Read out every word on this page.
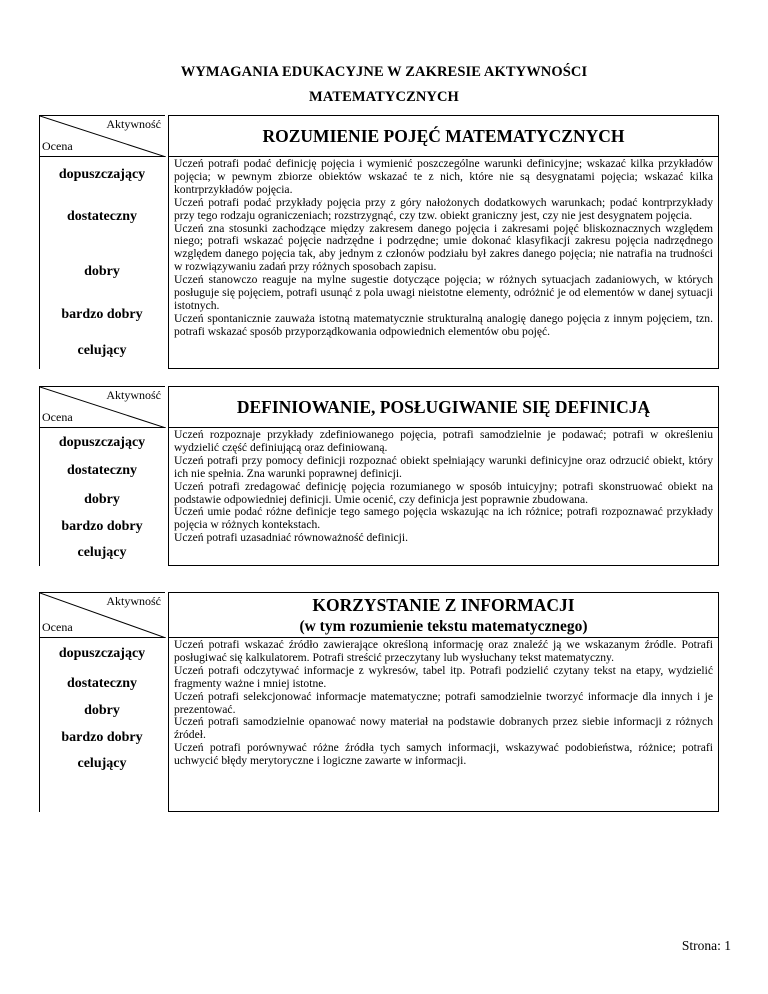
WYMAGANIA EDUKACYJNE W ZAKRESIE AKTYWNOŚCI
MATEMATYCZNYCH
Aktywność
Ocena
ROZUMIENIE POJĘĆ MATEMATYCZNYCH
dopuszczający
dostateczny
dobry
bardzo dobry
celujący

Uczeń potrafi podać definicję pojęcia i wymienić poszczególne warunki definicyjne; wskazać kilka przykładów pojęcia; w pewnym zbiorze obiektów wskazać te z nich, które nie są desygnatami pojęcia; wskazać kilka kontrprzykładów pojęcia.

Uczeń potrafi podać przykłady pojęcia przy z góry nałożonych dodatkowych warunkach; podać kontrprzykłady przy tego rodzaju ograniczeniach; rozstrzygnąć, czy tzw. obiekt graniczny jest, czy nie jest desygnatem pojęcia.

Uczeń zna stosunki zachodzące między zakresem danego pojęcia i zakresami pojęć bliskoznacznych względem niego; potrafi wskazać pojęcie nadrzędne i podrzędne; umie dokonać klasyfikacji zakresu pojęcia nadrzędnego względem danego pojęcia tak, aby jednym z członów podziału był zakres danego pojęcia; nie natrafia na trudności w rozwiązywaniu zadań przy różnych sposobach zapisu.

Uczeń stanowczo reaguje na mylne sugestie dotyczące pojęcia; w różnych sytuacjach zadaniowych, w których posługuje się pojęciem, potrafi usunąć z pola uwagi nieistotne elementy, odróżnić je od elementów w danej sytuacji istotnych.

Uczeń spontanicznie zauważa istotną matematycznie strukturalną analogię danego pojęcia z innym pojęciem, tzn. potrafi wskazać sposób przyporządkowania odpowiednich elementów obu pojęć.

Aktywność
Ocena
DEFINIOWANIE, POSŁUGIWANIE SIĘ DEFINICJĄ
dopuszczający
dostateczny
dobry
bardzo dobry
celujący

Uczeń rozpoznaje przykłady zdefiniowanego pojęcia, potrafi samodzielnie je podawać; potrafi w określeniu wydzielić część definiującą oraz definiowaną.

Uczeń potrafi przy pomocy definicji rozpoznać obiekt spełniający warunki definicyjne oraz odrzucić obiekt, który ich nie spełnia. Zna warunki poprawnej definicji.

Uczeń potrafi zredagować definicję pojęcia rozumianego w sposób intuicyjny; potrafi skonstruować obiekt na podstawie odpowiedniej definicji. Umie ocenić, czy definicja jest poprawnie zbudowana.

Uczeń umie podać różne definicje tego samego pojęcia wskazując na ich różnice; potrafi rozpoznawać przykłady pojęcia w różnych kontekstach.

Uczeń potrafi uzasadniać równoważność definicji.

Aktywność
Ocena
KORZYSTANIE Z INFORMACJI
(w tym rozumienie tekstu matematycznego)
dopuszczający
dostateczny
dobry
bardzo dobry
celujący

Uczeń potrafi wskazać źródło zawierające określoną informację oraz znaleźć ją we wskazanym źródle. Potrafi posługiwać się kalkulatorem. Potrafi streścić przeczytany lub wysłuchany tekst matematyczny.

Uczeń potrafi odczytywać informacje z wykresów, tabel itp. Potrafi podzielić czytany tekst na etapy, wydzielić fragmenty ważne i mniej istotne.

Uczeń potrafi selekcjonować informacje matematyczne; potrafi samodzielnie tworzyć informacje dla innych i je prezentować.

Uczeń potrafi samodzielnie opanować nowy materiał na podstawie dobranych przez siebie informacji z różnych źródeł.

Uczeń potrafi porównywać różne źródła tych samych informacji, wskazywać podobieństwa, różnice; potrafi uchwycić błędy merytoryczne i logiczne zawarte w informacji.

Strona: 1
